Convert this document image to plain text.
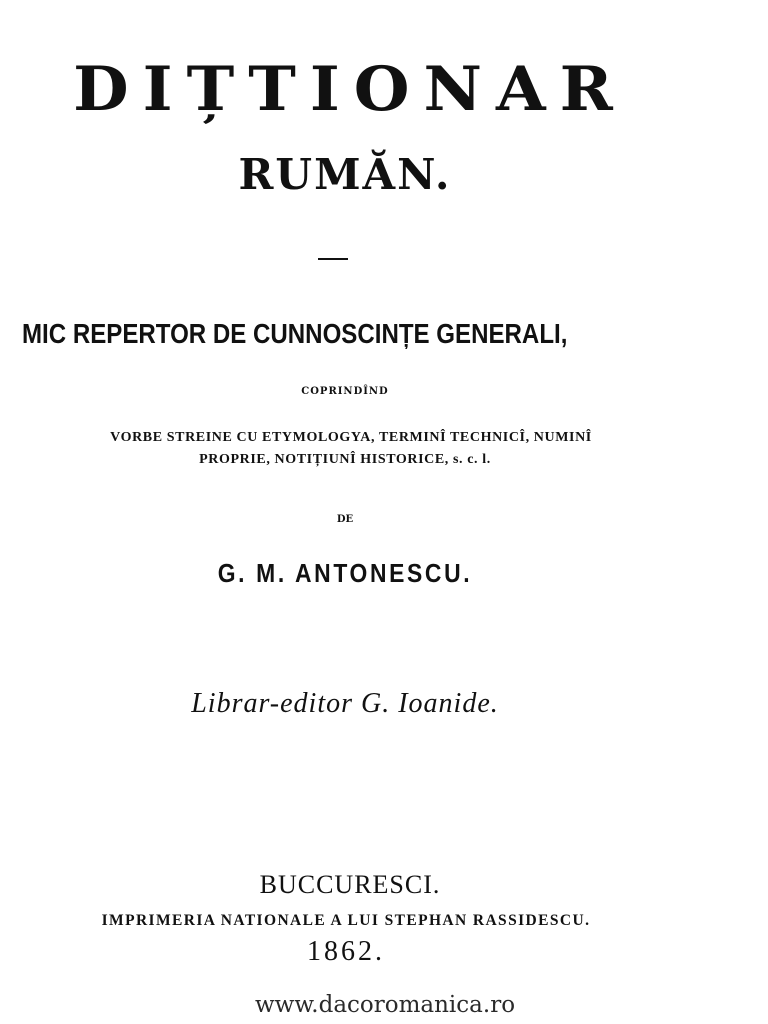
DIȚTIONAR
RUMĂN.
MIC REPERTOR DE CUNNOSCINȚE GENERALI,
COPRINDÎND
VORBE STREINE CU ETYMOLOGYA, TERMINÎ TECHNICÎ, NUMINÎ
PROPRIE, NOTIȚIUNÎ HISTORICE, s. c. l.
DE
G. M. ANTONESCU.
Librar-editor G. Ioanide.
BUCCURESCI.
IMPRIMERIA NATIONALE A LUI STEPHAN RASSIDESCU.
1862.
www.dacoromanica.ro
